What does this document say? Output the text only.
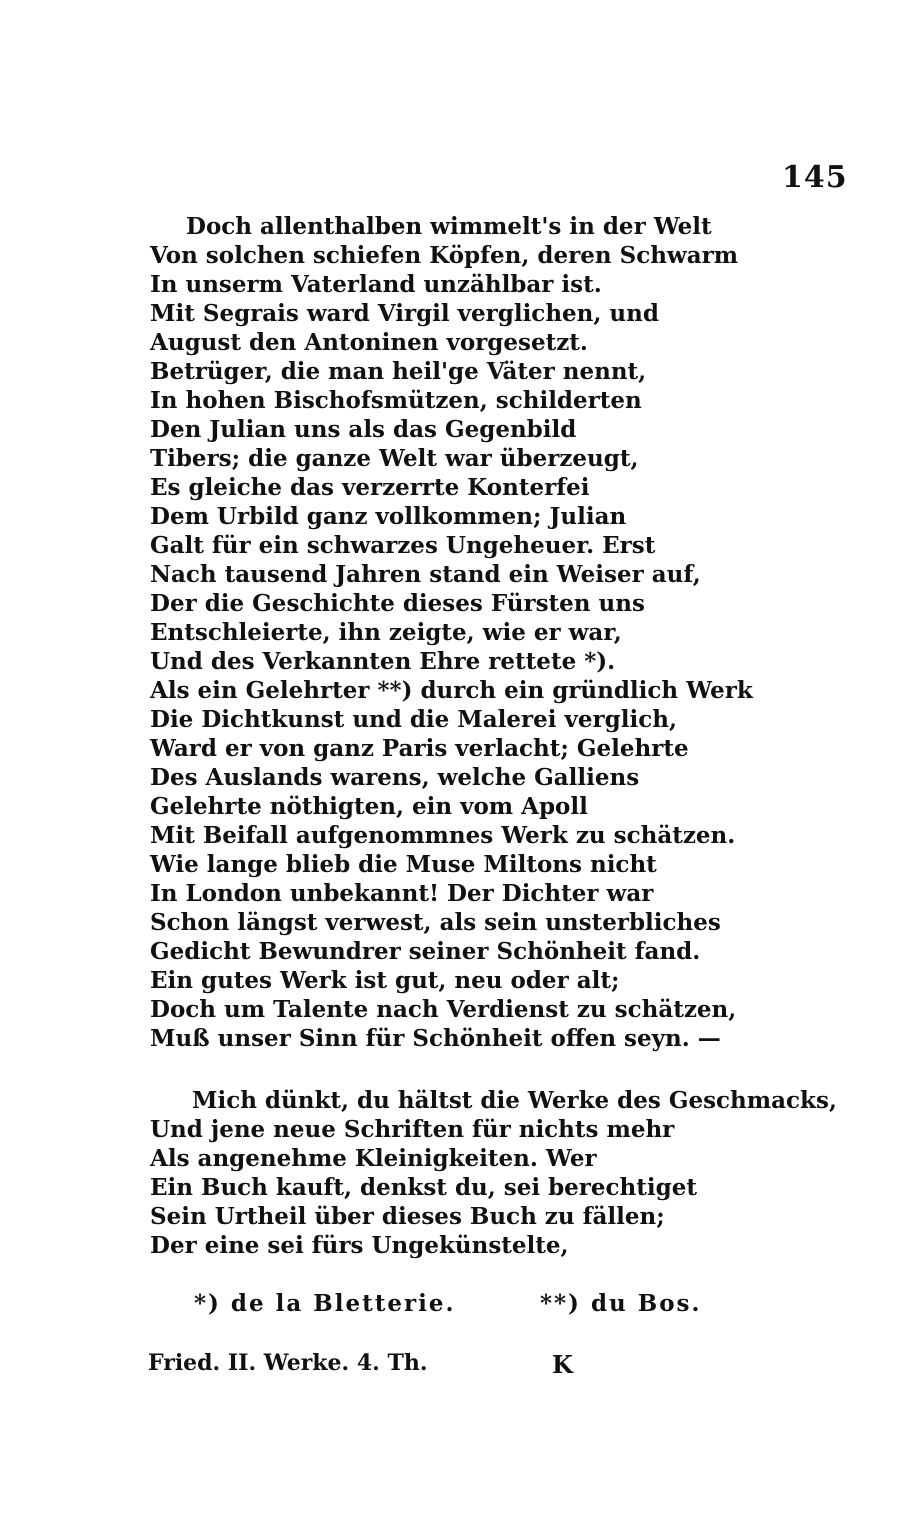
145
Doch allenthalben wimmelt's in der Welt
Von solchen schiefen Köpfen, deren Schwarm
In unserm Vaterland unzählbar ist.
Mit Segrais ward Virgil verglichen, und
August den Antoninen vorgesetzt.
Betrüger, die man heil'ge Väter nennt,
In hohen Bischofsmützen, schilderten
Den Julian uns als das Gegenbild
Tibers; die ganze Welt war überzeugt,
Es gleiche das verzerrte Konterfei
Dem Urbild ganz vollkommen; Julian
Galt für ein schwarzes Ungeheuer. Erst
Nach tausend Jahren stand ein Weiser auf,
Der die Geschichte dieses Fürsten uns
Entschleierte, ihn zeigte, wie er war,
Und des Verkannten Ehre rettete *).
Als ein Gelehrter **) durch ein gründlich Werk
Die Dichtkunst und die Malerei verglich,
Ward er von ganz Paris verlacht; Gelehrte
Des Auslands warens, welche Galliens
Gelehrte nöthigten, ein vom Apoll
Mit Beifall aufgenommnes Werk zu schätzen.
Wie lange blieb die Muse Miltons nicht
In London unbekannt! Der Dichter war
Schon längst verwest, als sein unsterbliches
Gedicht Bewundrer seiner Schönheit fand.
Ein gutes Werk ist gut, neu oder alt;
Doch um Talente nach Verdienst zu schätzen,
Muß unser Sinn für Schönheit offen seyn. —
Mich dünkt, du hältst die Werke des Geschmacks,
Und jene neue Schriften für nichts mehr
Als angenehme Kleinigkeiten. Wer
Ein Buch kauft, denkst du, sei berechtiget
Sein Urtheil über dieses Buch zu fällen;
Der eine sei fürs Ungekünstelte,
*) de la Bletterie.	**) du Bos.
Fried. II. Werke. 4. Th.	K
